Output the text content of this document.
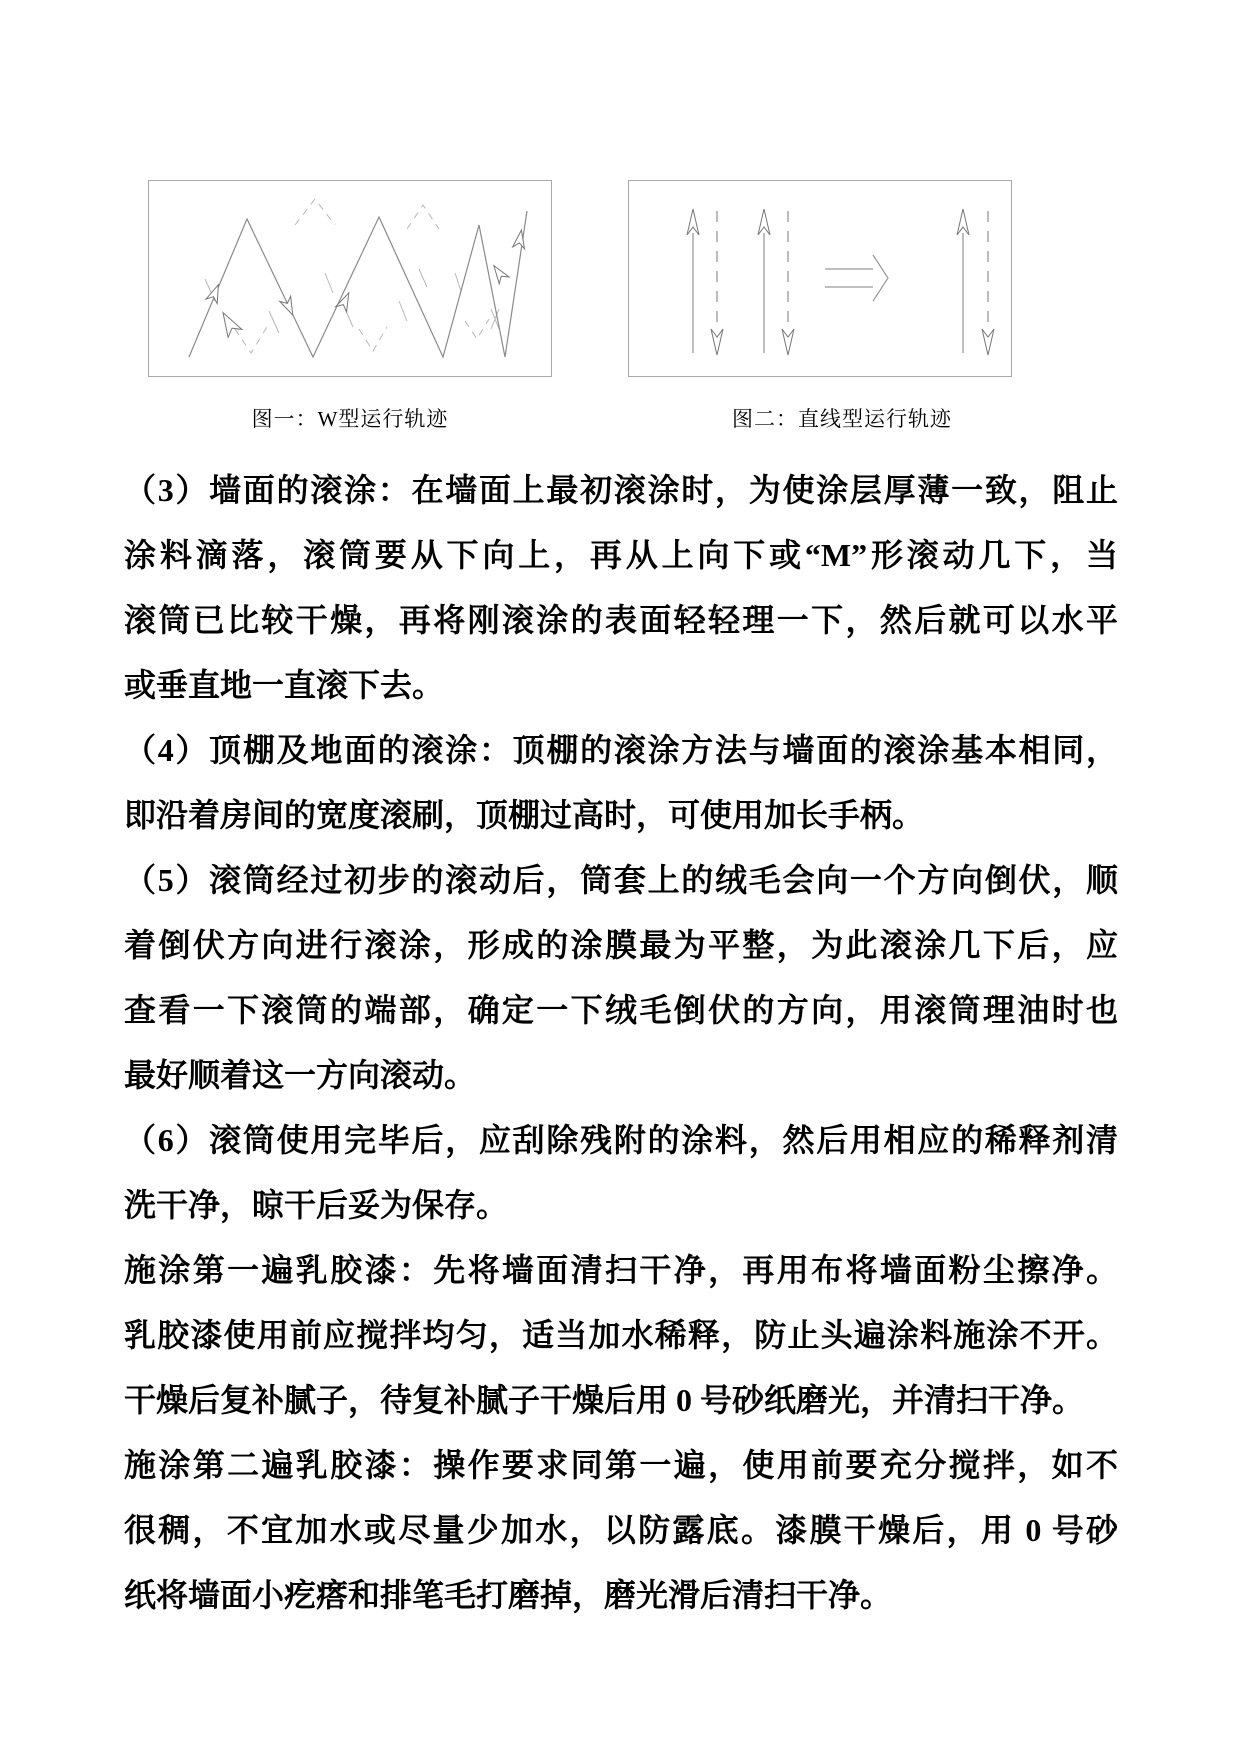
图一：W型运行轨迹	图二：直线型运行轨迹
（3）墙面的滚涂：在墙面上最初滚涂时，为使涂层厚薄一致，阻止
涂料滴落，滚筒要从下向上，再从上向下或“M”形滚动几下，当
滚筒已比较干燥，再将刚滚涂的表面轻轻理一下，然后就可以水平
或垂直地一直滚下去。
（4）顶棚及地面的滚涂：顶棚的滚涂方法与墙面的滚涂基本相同，
即沿着房间的宽度滚刷，顶棚过高时，可使用加长手柄。
（5）滚筒经过初步的滚动后，筒套上的绒毛会向一个方向倒伏，顺
着倒伏方向进行滚涂，形成的涂膜最为平整，为此滚涂几下后，应
查看一下滚筒的端部，确定一下绒毛倒伏的方向，用滚筒理油时也
最好顺着这一方向滚动。
（6）滚筒使用完毕后，应刮除残附的涂料，然后用相应的稀释剂清
洗干净，晾干后妥为保存。
施涂第一遍乳胶漆：先将墙面清扫干净，再用布将墙面粉尘擦净。
乳胶漆使用前应搅拌均匀，适当加水稀释，防止头遍涂料施涂不开。
干燥后复补腻子，待复补腻子干燥后用 0 号砂纸磨光，并清扫干净。
施涂第二遍乳胶漆：操作要求同第一遍，使用前要充分搅拌，如不
很稠，不宜加水或尽量少加水，以防露底。漆膜干燥后，用 0 号砂
纸将墙面小疙瘩和排笔毛打磨掉，磨光滑后清扫干净。
